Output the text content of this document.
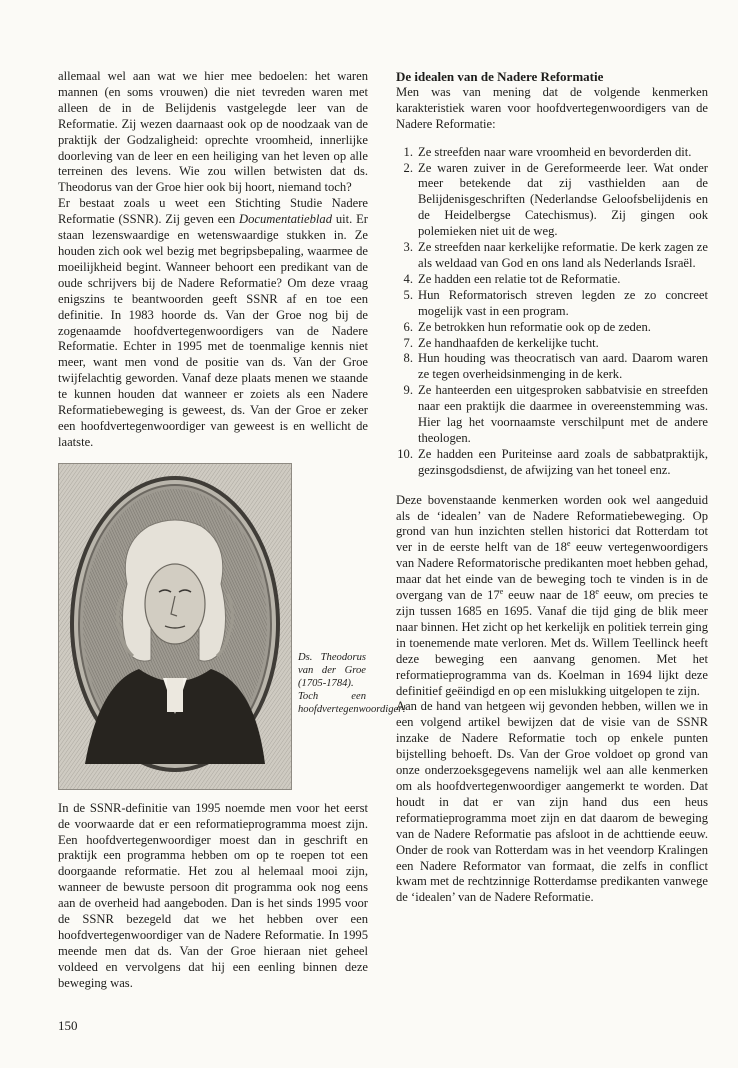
allemaal wel aan wat we hier mee bedoelen: het waren mannen (en soms vrouwen) die niet tevreden waren met alleen de in de Belijdenis vastgelegde leer van de Reformatie. Zij wezen daarnaast ook op de noodzaak van de praktijk der Godzaligheid: oprechte vroomheid, innerlijke doorleving van de leer en een heiliging van het leven op alle terreinen des levens. Wie zou willen betwisten dat ds. Theodorus van der Groe hier ook bij hoort, niemand toch?

Er bestaat zoals u weet een Stichting Studie Nadere Reformatie (SSNR). Zij geven een Documentatieblad uit. Er staan lezenswaardige en wetenswaardige stukken in. Ze houden zich ook wel bezig met begripsbepaling, waarmee de moeilijkheid begint. Wanneer behoort een predikant van de oude schrijvers bij de Nadere Reformatie? Om deze vraag enigszins te beantwoorden geeft SSNR af en toe een definitie. In 1983 hoorde ds. Van der Groe nog bij de zogenaamde hoofdvertegenwoordigers van de Nadere Reformatie. Echter in 1995 met de toenmalige kennis niet meer, want men vond de positie van ds. Van der Groe twijfelachtig geworden. Vanaf deze plaats menen we staande te kunnen houden dat wanneer er zoiets als een Nadere Reformatiebeweging is geweest, ds. Van der Groe er zeker een hoofdvertegenwoordiger van geweest is en wellicht de laatste.

Ds. Theodorus van der Groe (1705-1784). Toch een hoofdvertegenwoordiger!

In de SSNR-definitie van 1995 noemde men voor het eerst de voorwaarde dat er een reformatieprogramma moest zijn. Een hoofdvertegenwoordiger moest dan in geschrift en praktijk een programma hebben om op te roepen tot een doorgaande reformatie. Het zou al helemaal mooi zijn, wanneer de bewuste persoon dit programma ook nog eens aan de overheid had aangeboden. Dan is het sinds 1995 voor de SSNR bezegeld dat we het hebben over een hoofdvertegenwoordiger van de Nadere Reformatie. In 1995 meende men dat ds. Van der Groe hieraan niet geheel voldeed en vervolgens dat hij een eenling binnen deze beweging was.

De idealen van de Nadere Reformatie

Men was van mening dat de volgende kenmerken karakteristiek waren voor hoofdvertegenwoordigers van de Nadere Reformatie:

1. Ze streefden naar ware vroomheid en bevorderden dit.
2. Ze waren zuiver in de Gereformeerde leer. Wat onder meer betekende dat zij vasthielden aan de Belijdenisgeschriften (Nederlandse Geloofsbelijdenis en de Heidelbergse Catechismus). Zij gingen ook polemieken niet uit de weg.
3. Ze streefden naar kerkelijke reformatie. De kerk zagen ze als weldaad van God en ons land als Nederlands Israël.
4. Ze hadden een relatie tot de Reformatie.
5. Hun Reformatorisch streven legden ze zo concreet mogelijk vast in een program.
6. Ze betrokken hun reformatie ook op de zeden.
7. Ze handhaafden de kerkelijke tucht.
8. Hun houding was theocratisch van aard. Daarom waren ze tegen overheidsinmenging in de kerk.
9. Ze hanteerden een uitgesproken sabbatvisie en streefden naar een praktijk die daarmee in overeenstemming was. Hier lag het voornaamste verschilpunt met de andere theologen.
10. Ze hadden een Puriteinse aard zoals de sabbatpraktijk, gezinsgodsdienst, de afwijzing van het toneel enz.

Deze bovenstaande kenmerken worden ook wel aangeduid als de ‘idealen’ van de Nadere Reformatiebeweging. Op grond van hun inzichten stellen historici dat Rotterdam tot ver in de eerste helft van de 18e eeuw vertegenwoordigers van Nadere Reformatorische predikanten moet hebben gehad, maar dat het einde van de beweging toch te vinden is in de overgang van de 17e eeuw naar de 18e eeuw, om precies te zijn tussen 1685 en 1695. Vanaf die tijd ging de blik meer naar binnen. Het zicht op het kerkelijk en politiek terrein ging in toenemende mate verloren. Met ds. Willem Teellinck heeft deze beweging een aanvang genomen. Met het reformatieprogramma van ds. Koelman in 1694 lijkt deze definitief geëindigd en op een mislukking uitgelopen te zijn.

Aan de hand van hetgeen wij gevonden hebben, willen we in een volgend artikel bewijzen dat de visie van de SSNR inzake de Nadere Reformatie toch op enkele punten bijstelling behoeft. Ds. Van der Groe voldoet op grond van onze onderzoeksgegevens namelijk wel aan alle kenmerken om als hoofdvertegenwoordiger aangemerkt te worden. Dat houdt in dat er van zijn hand dus een heus reformatieprogramma moet zijn en dat daarom de beweging van de Nadere Reformatie pas afsloot in de achttiende eeuw. Onder de rook van Rotterdam was in het veendorp Kralingen een Nadere Reformator van formaat, die zelfs in conflict kwam met de rechtzinnige Rotterdamse predikanten vanwege de ‘idealen’ van de Nadere Reformatie.

150
